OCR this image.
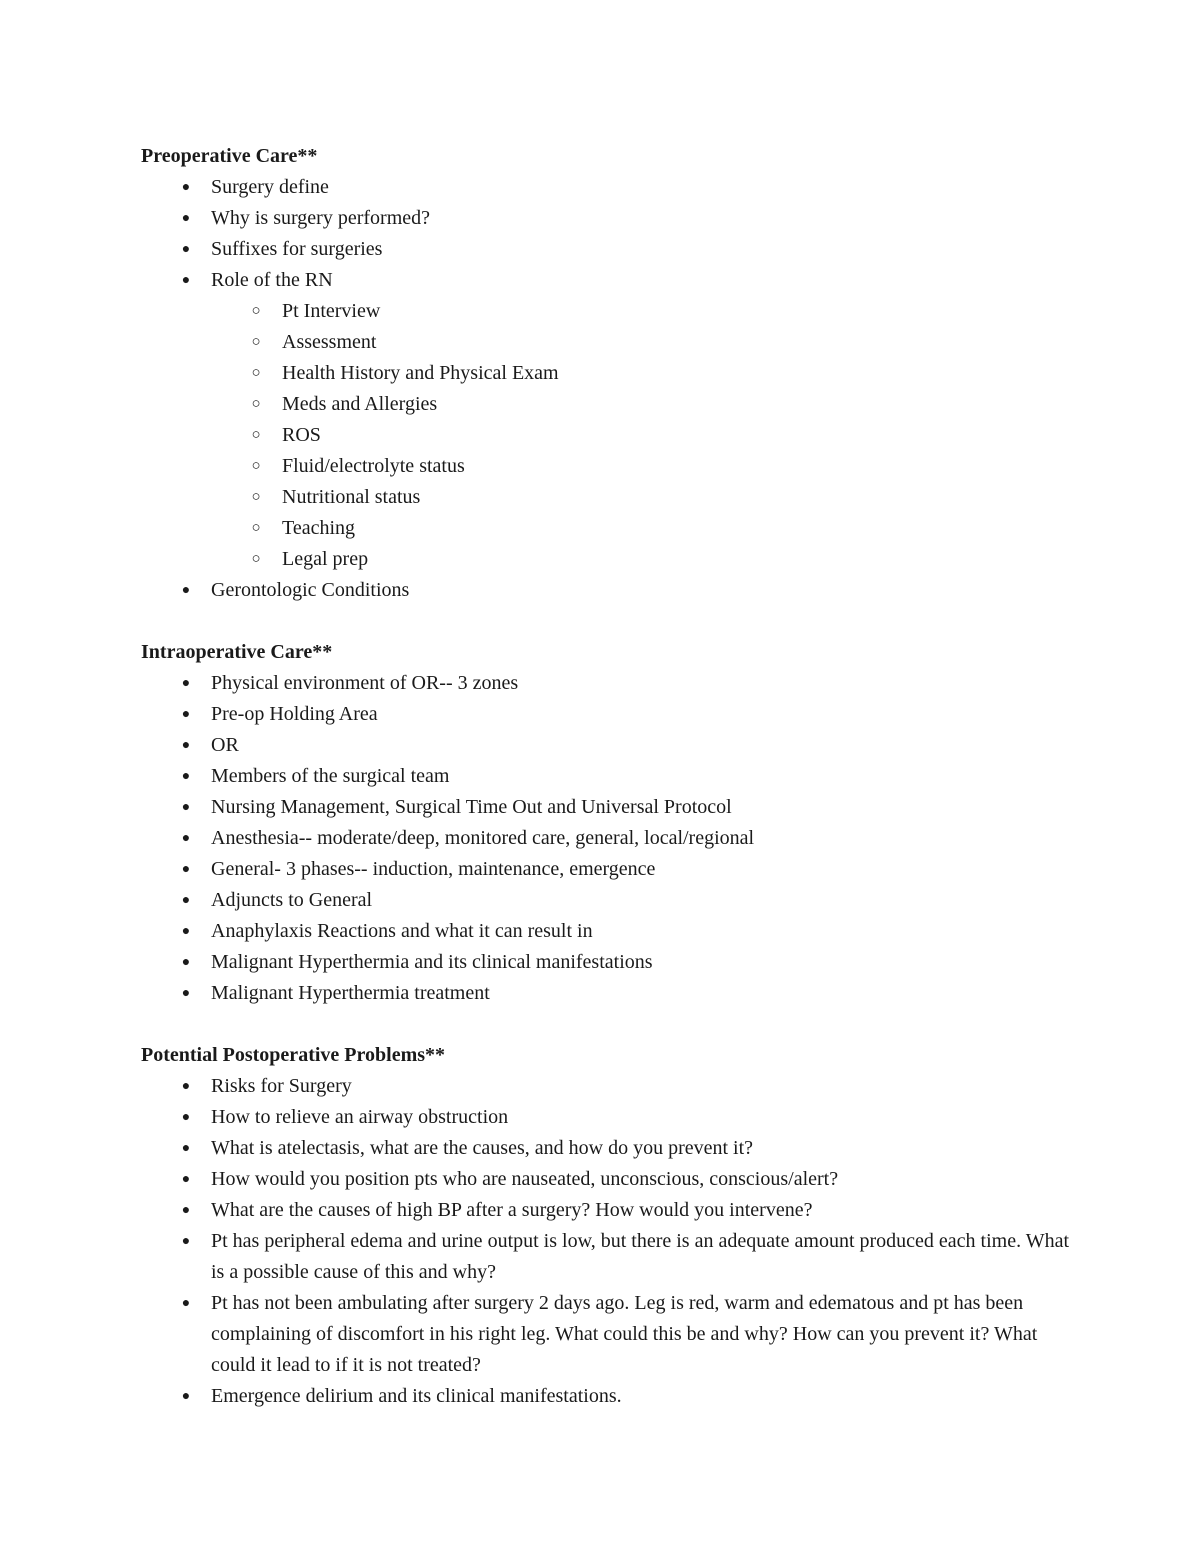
Preoperative Care**

● Surgery define
● Why is surgery performed?
● Suffixes for surgeries
● Role of the RN
○ Pt Interview
○ Assessment
○ Health History and Physical Exam
○ Meds and Allergies
○ ROS
○ Fluid/electrolyte status
○ Nutritional status
○ Teaching
○ Legal prep
● Gerontologic Conditions

Intraoperative Care**

● Physical environment of OR-- 3 zones
● Pre-op Holding Area
● OR
● Members of the surgical team
● Nursing Management, Surgical Time Out and Universal Protocol
● Anesthesia-- moderate/deep, monitored care, general, local/regional
● General- 3 phases-- induction, maintenance, emergence
● Adjuncts to General
● Anaphylaxis Reactions and what it can result in
● Malignant Hyperthermia and its clinical manifestations
● Malignant Hyperthermia treatment

Potential Postoperative Problems**

● Risks for Surgery
● How to relieve an airway obstruction
● What is atelectasis, what are the causes, and how do you prevent it?
● How would you position pts who are nauseated, unconscious, conscious/alert?
● What are the causes of high BP after a surgery? How would you intervene?
● Pt has peripheral edema and urine output is low, but there is an adequate amount produced each time. What is a possible cause of this and why?
● Pt has not been ambulating after surgery 2 days ago. Leg is red, warm and edematous and pt has been complaining of discomfort in his right leg. What could this be and why? How can you prevent it? What could it lead to if it is not treated?
● Emergence delirium and its clinical manifestations.
